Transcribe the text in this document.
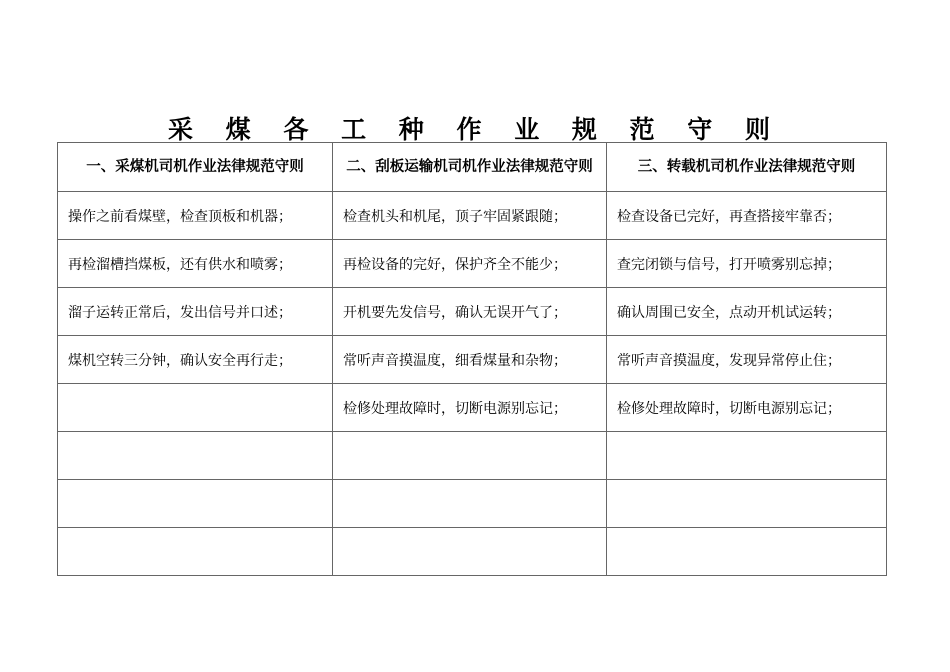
采 煤 各 工 种 作 业 规 范 守 则
一、采煤机司机作业法律规范守则	二、刮板运输机司机作业法律规范守则	三、转载机司机作业法律规范守则
操作之前看煤壁，检查顶板和机器；	检查机头和机尾，顶子牢固紧跟随；	检查设备已完好，再查搭接牢靠否；
再检溜槽挡煤板，还有供水和喷雾；	再检设备的完好，保护齐全不能少；	查完闭锁与信号，打开喷雾别忘掉；
溜子运转正常后，发出信号并口述；	开机要先发信号，确认无误开气了；	确认周围已安全，点动开机试运转；
煤机空转三分钟，确认安全再行走；	常听声音摸温度，细看煤量和杂物；	常听声音摸温度，发现异常停止住；
	检修处理故障时，切断电源别忘记；	检修处理故障时，切断电源别忘记；
